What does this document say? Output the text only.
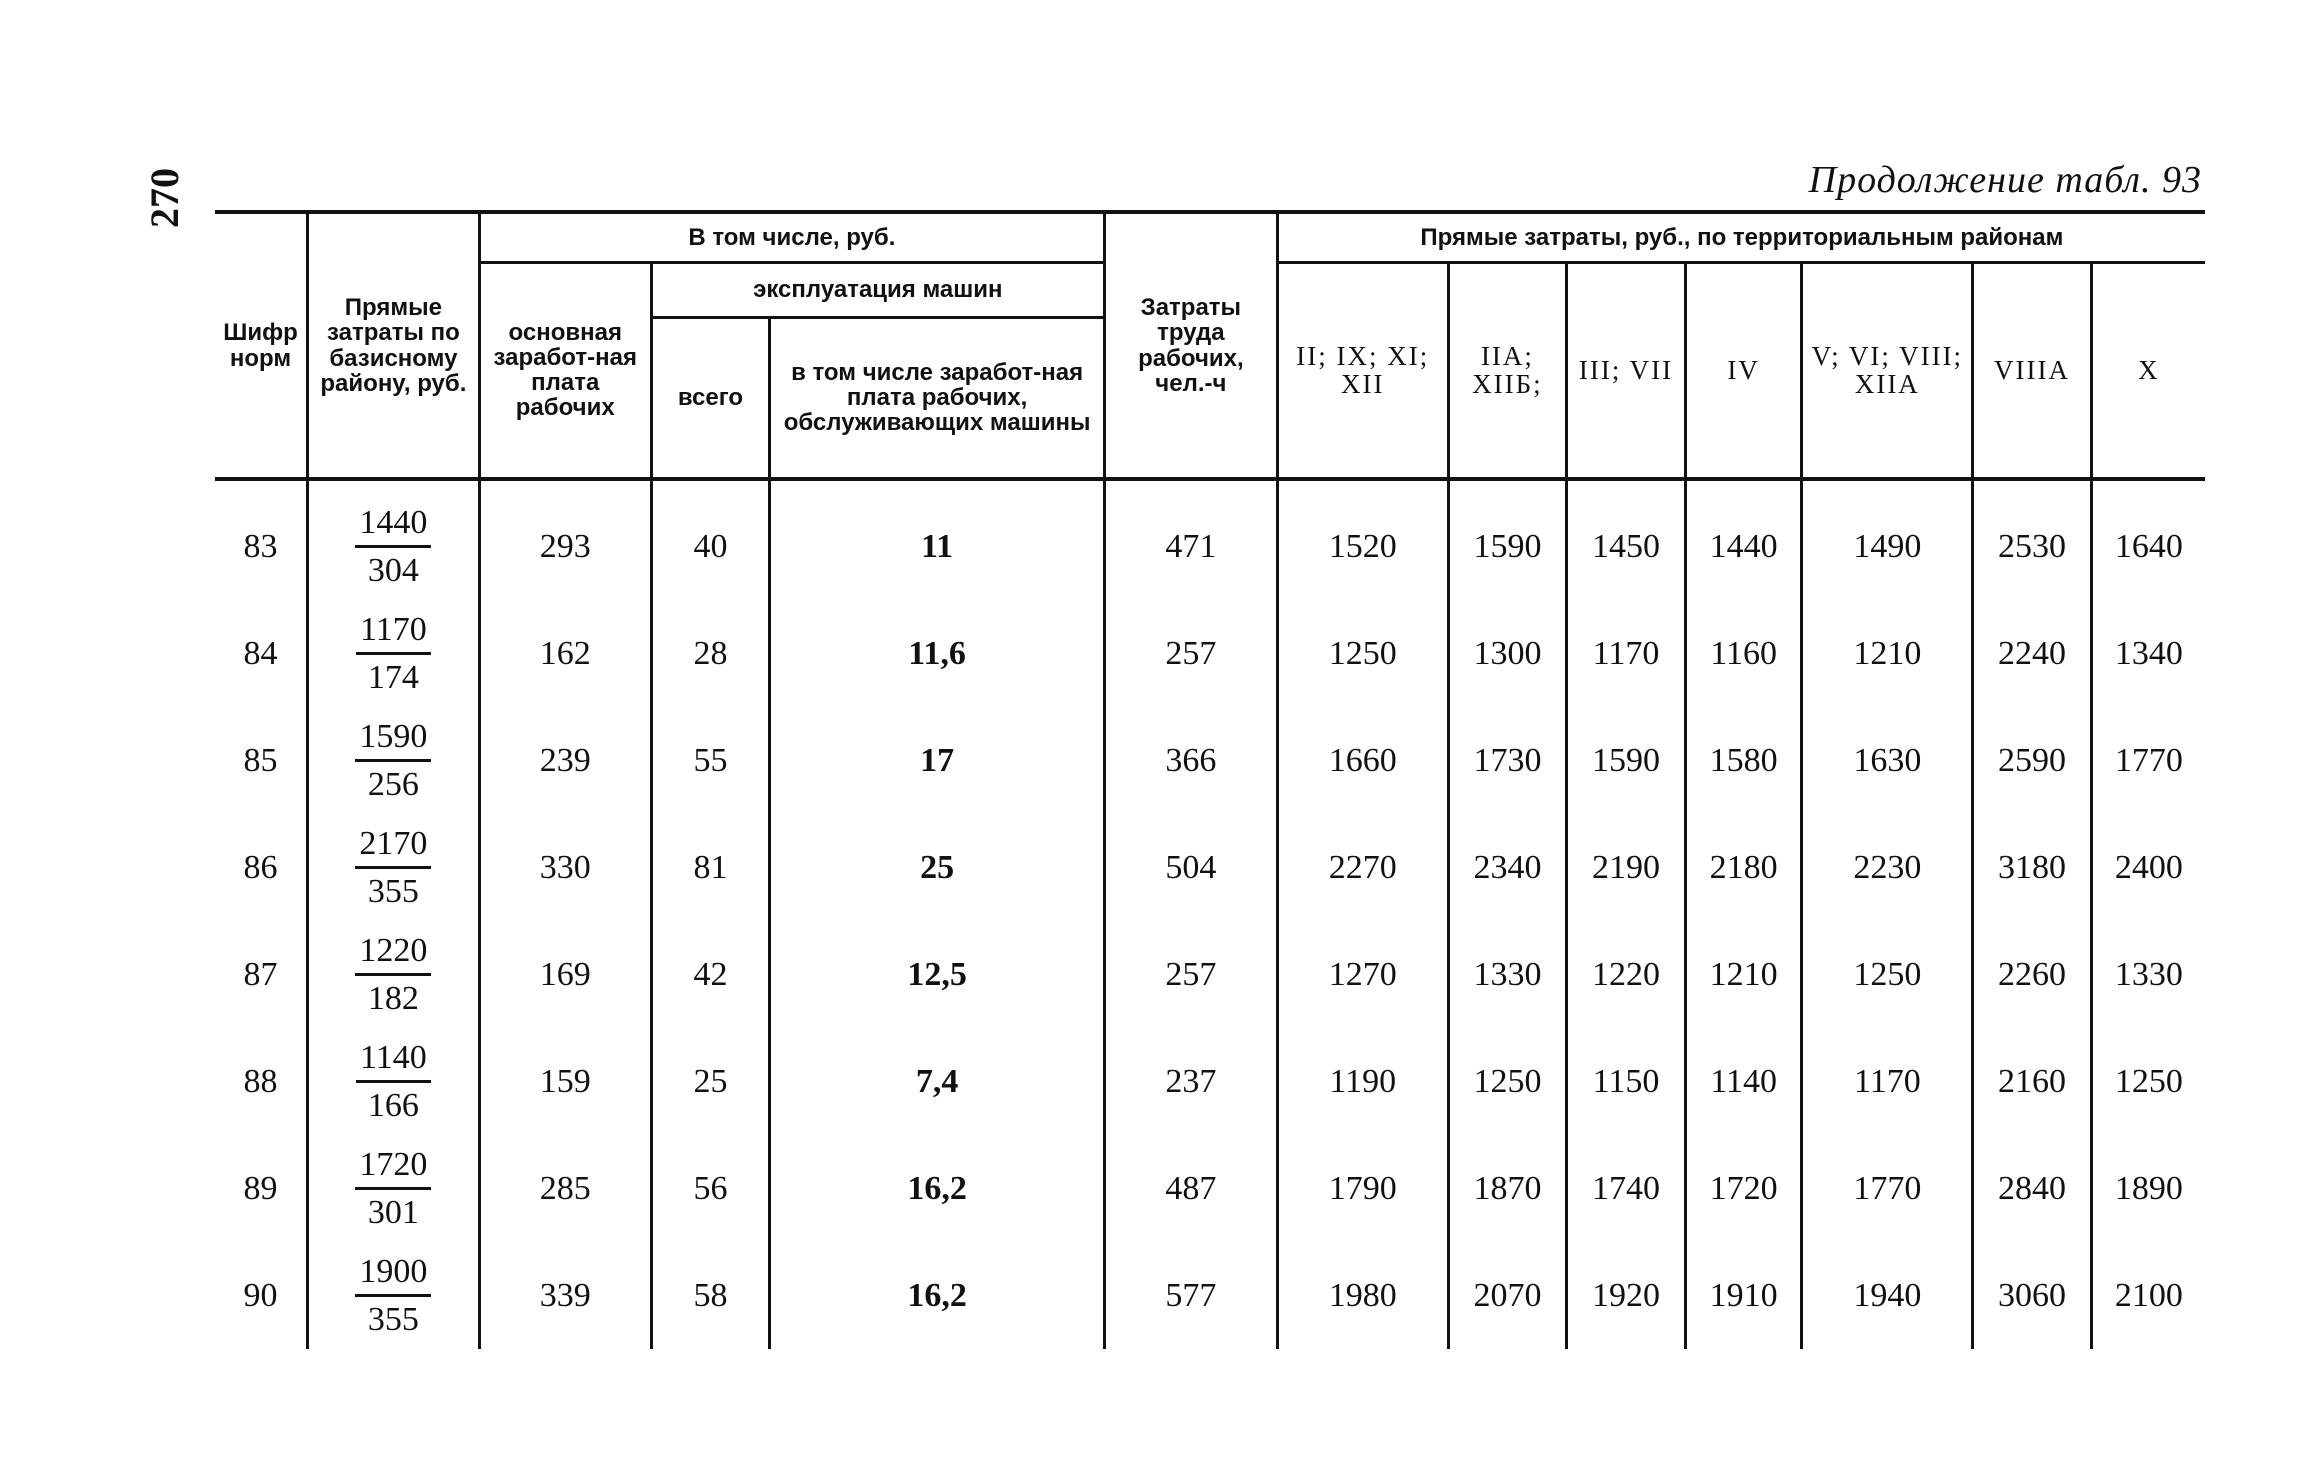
270	Продолжение табл. 93
Шифр норм	Прямые затраты по базисному району, руб.	В том числе, руб.			Затраты труда рабочих, чел.-ч	Прямые затраты, руб., по территориальным районам						
		основная заработ-ная плата рабочих	эксплуатация машин			II; IX; XI; XII	IIA; XIIБ;	III; VII	IV	V; VI; VIII; XIIA	VIIIA	X
			всего	в том числе заработ-ная плата рабочих, обслуживающих машины								
83	$\frac{1440}{304}$	293	40	11	471	1520	1590	1450	1440	1490	2530	1640
84	$\frac{1170}{174}$	162	28	11,6	257	1250	1300	1170	1160	1210	2240	1340
85	$\frac{1590}{256}$	239	55	17	366	1660	1730	1590	1580	1630	2590	1770
86	$\frac{2170}{355}$	330	81	25	504	2270	2340	2190	2180	2230	3180	2400
87	$\frac{1220}{182}$	169	42	12,5	257	1270	1330	1220	1210	1250	2260	1330
88	$\frac{1140}{166}$	159	25	7,4	237	1190	1250	1150	1140	1170	2160	1250
89	$\frac{1720}{301}$	285	56	16,2	487	1790	1870	1740	1720	1770	2840	1890
90	$\frac{1900}{355}$	339	58	16,2	577	1980	2070	1920	1910	1940	3060	2100
